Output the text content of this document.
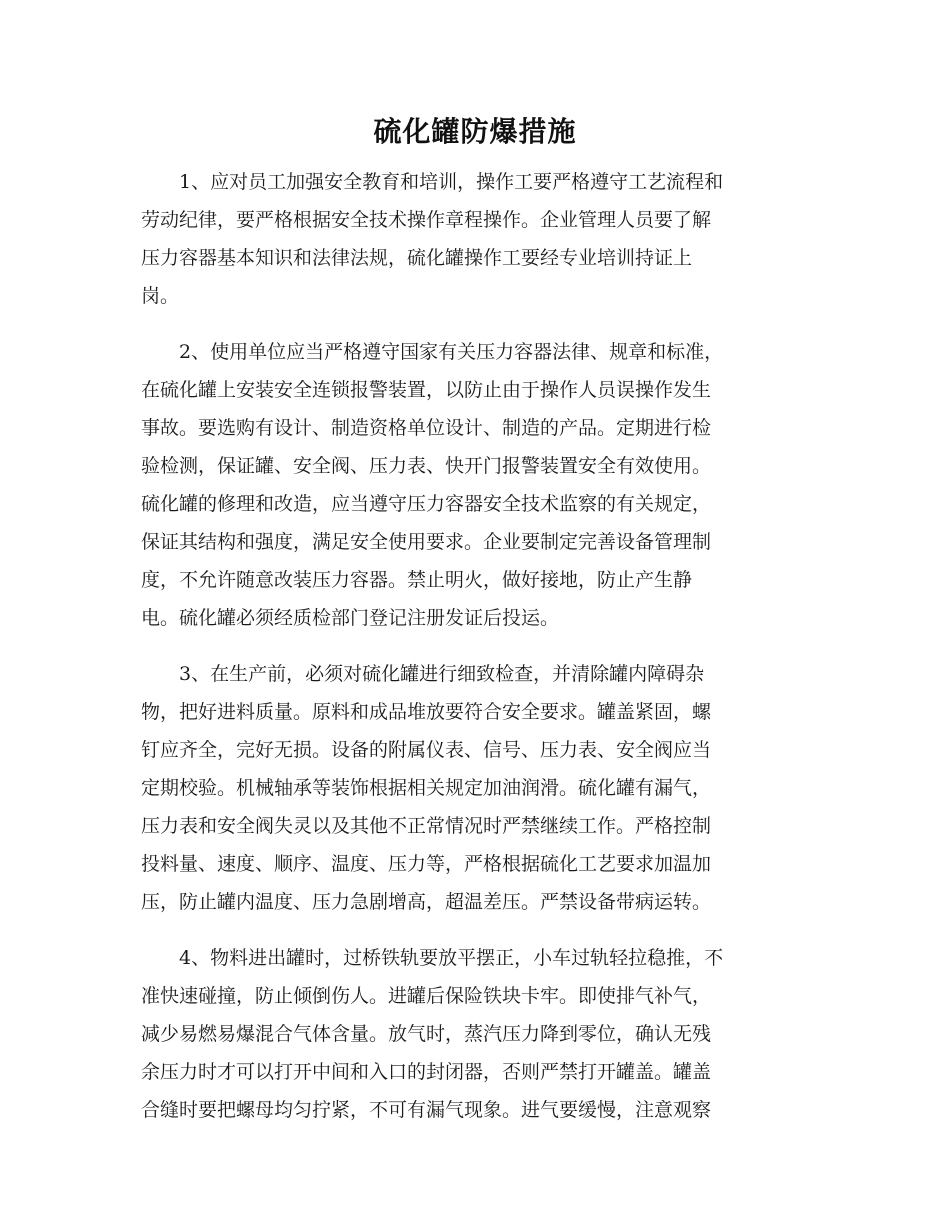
硫化罐防爆措施

　　1、应对员工加强安全教育和培训，操作工要严格遵守工艺流程和
劳动纪律，要严格根据安全技术操作章程操作。企业管理人员要了解
压力容器基本知识和法律法规，硫化罐操作工要经专业培训持证上
岗。

　　2、使用单位应当严格遵守国家有关压力容器法律、规章和标准，
在硫化罐上安装安全连锁报警装置，以防止由于操作人员误操作发生
事故。要选购有设计、制造资格单位设计、制造的产品。定期进行检
验检测，保证罐、安全阀、压力表、快开门报警装置安全有效使用。
硫化罐的修理和改造，应当遵守压力容器安全技术监察的有关规定，
保证其结构和强度，满足安全使用要求。企业要制定完善设备管理制
度，不允许随意改装压力容器。禁止明火，做好接地，防止产生静
电。硫化罐必须经质检部门登记注册发证后投运。

　　3、在生产前，必须对硫化罐进行细致检查，并清除罐内障碍杂
物，把好进料质量。原料和成品堆放要符合安全要求。罐盖紧固，螺
钉应齐全，完好无损。设备的附属仪表、信号、压力表、安全阀应当
定期校验。机械轴承等装饰根据相关规定加油润滑。硫化罐有漏气，
压力表和安全阀失灵以及其他不正常情况时严禁继续工作。严格控制
投料量、速度、顺序、温度、压力等，严格根据硫化工艺要求加温加
压，防止罐内温度、压力急剧增高，超温差压。严禁设备带病运转。

　　4、物料进出罐时，过桥铁轨要放平摆正，小车过轨轻拉稳推，不
准快速碰撞，防止倾倒伤人。进罐后保险铁块卡牢。即使排气补气，
减少易燃易爆混合气体含量。放气时，蒸汽压力降到零位，确认无残
余压力时才可以打开中间和入口的封闭器，否则严禁打开罐盖。罐盖
合缝时要把螺母均匀拧紧，不可有漏气现象。进气要缓慢，注意观察
